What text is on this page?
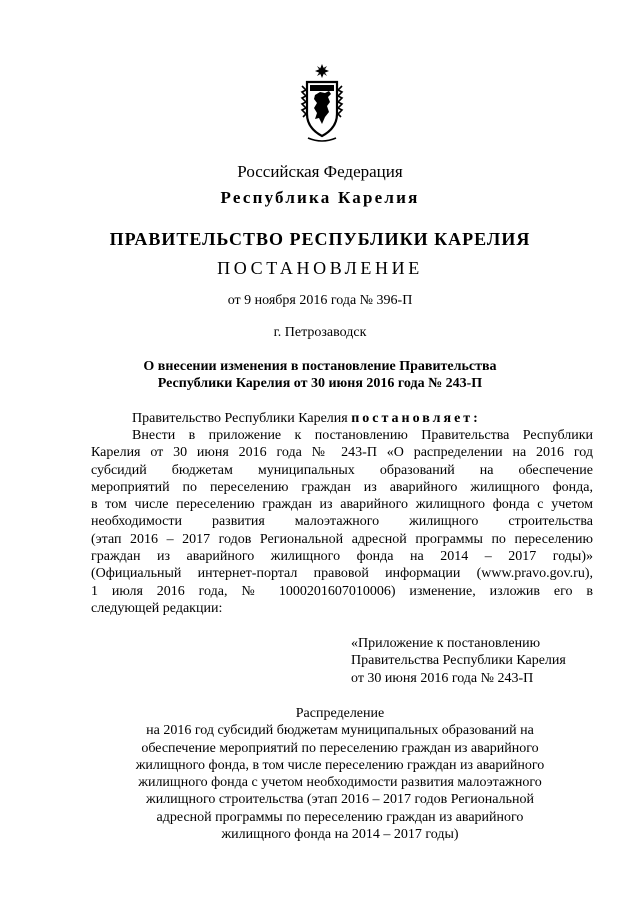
Российская Федерация
Республика Карелия
ПРАВИТЕЛЬСТВО РЕСПУБЛИКИ КАРЕЛИЯ
ПОСТАНОВЛЕНИЕ
от 9 ноября 2016 года № 396-П
г. Петрозаводск
О внесении изменения в постановление Правительства
Республики Карелия от 30 июня 2016 года № 243-П
Правительство Республики Карелия постановляет:
Внести в приложение к постановлению Правительства Республики
Карелия от 30 июня 2016 года № 243-П «О распределении на 2016 год
субсидий бюджетам муниципальных образований на обеспечение
мероприятий по переселению граждан из аварийного жилищного фонда,
в том числе переселению граждан из аварийного жилищного фонда с учетом
необходимости развития малоэтажного жилищного строительства
(этап 2016 – 2017 годов Региональной адресной программы по переселению
граждан из аварийного жилищного фонда на 2014 – 2017 годы)»
(Официальный интернет-портал правовой информации (www.pravo.gov.ru),
1 июля 2016 года, № 1000201607010006) изменение, изложив его в
следующей редакции:
«Приложение к постановлению
Правительства Республики Карелия
от 30 июня 2016 года № 243-П
Распределение
на 2016 год субсидий бюджетам муниципальных образований на
обеспечение мероприятий по переселению граждан из аварийного
жилищного фонда, в том числе переселению граждан из аварийного
жилищного фонда с учетом необходимости развития малоэтажного
жилищного строительства (этап 2016 – 2017 годов Региональной
адресной программы по переселению граждан из аварийного
жилищного фонда на 2014 – 2017 годы)
